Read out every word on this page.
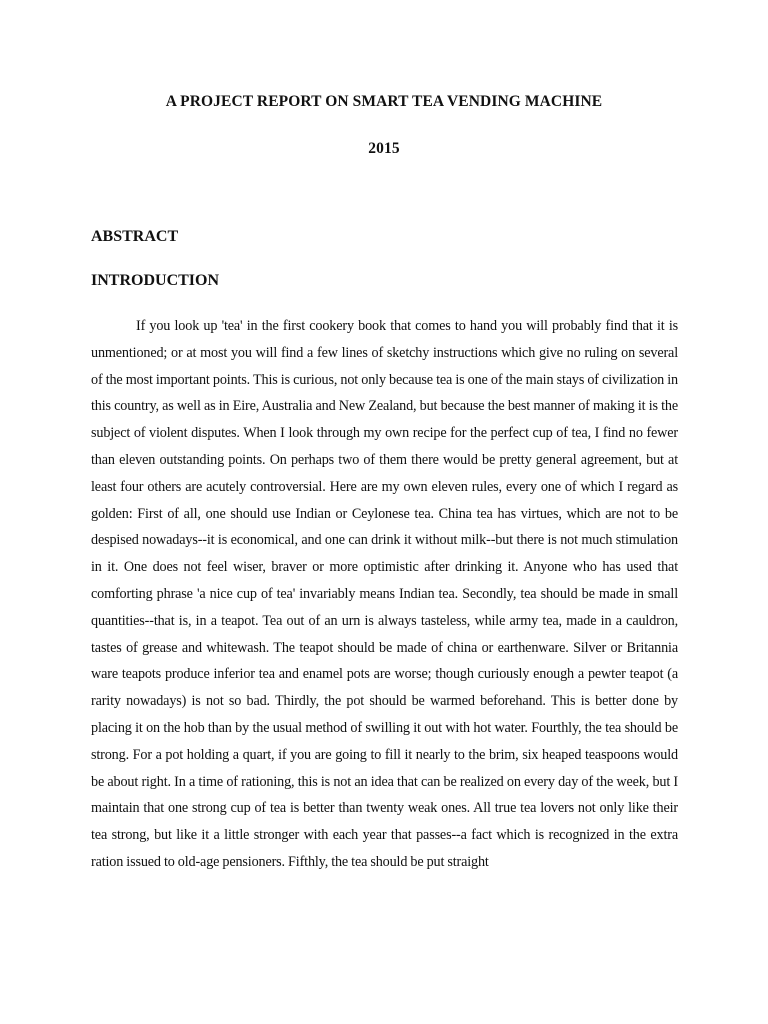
A PROJECT REPORT ON SMART TEA VENDING MACHINE
2015
ABSTRACT
INTRODUCTION

If you look up 'tea' in the first cookery book that comes to hand you will probably find that it is unmentioned; or at most you will find a few lines of sketchy instructions which give no ruling on several of the most important points. This is curious, not only because tea is one of the main stays of civilization in this country, as well as in Eire, Australia and New Zealand, but because the best manner of making it is the subject of violent disputes. When I look through my own recipe for the perfect cup of tea, I find no fewer than eleven outstanding points. On perhaps two of them there would be pretty general agreement, but at least four others are acutely controversial. Here are my own eleven rules, every one of which I regard as golden: First of all, one should use Indian or Ceylonese tea. China tea has virtues, which are not to be despised nowadays--it is economical, and one can drink it without milk--but there is not much stimulation in it. One does not feel wiser, braver or more optimistic after drinking it. Anyone who has used that comforting phrase 'a nice cup of tea' invariably means Indian tea. Secondly, tea should be made in small quantities--that is, in a teapot. Tea out of an urn is always tasteless, while army tea, made in a cauldron, tastes of grease and whitewash. The teapot should be made of china or earthenware. Silver or Britannia ware teapots produce inferior tea and enamel pots are worse; though curiously enough a pewter teapot (a rarity nowadays) is not so bad. Thirdly, the pot should be warmed beforehand. This is better done by placing it on the hob than by the usual method of swilling it out with hot water. Fourthly, the tea should be strong. For a pot holding a quart, if you are going to fill it nearly to the brim, six heaped teaspoons would be about right. In a time of rationing, this is not an idea that can be realized on every day of the week, but I maintain that one strong cup of tea is better than twenty weak ones. All true tea lovers not only like their tea strong, but like it a little stronger with each year that passes--a fact which is recognized in the extra ration issued to old-age pensioners. Fifthly, the tea should be put straight
